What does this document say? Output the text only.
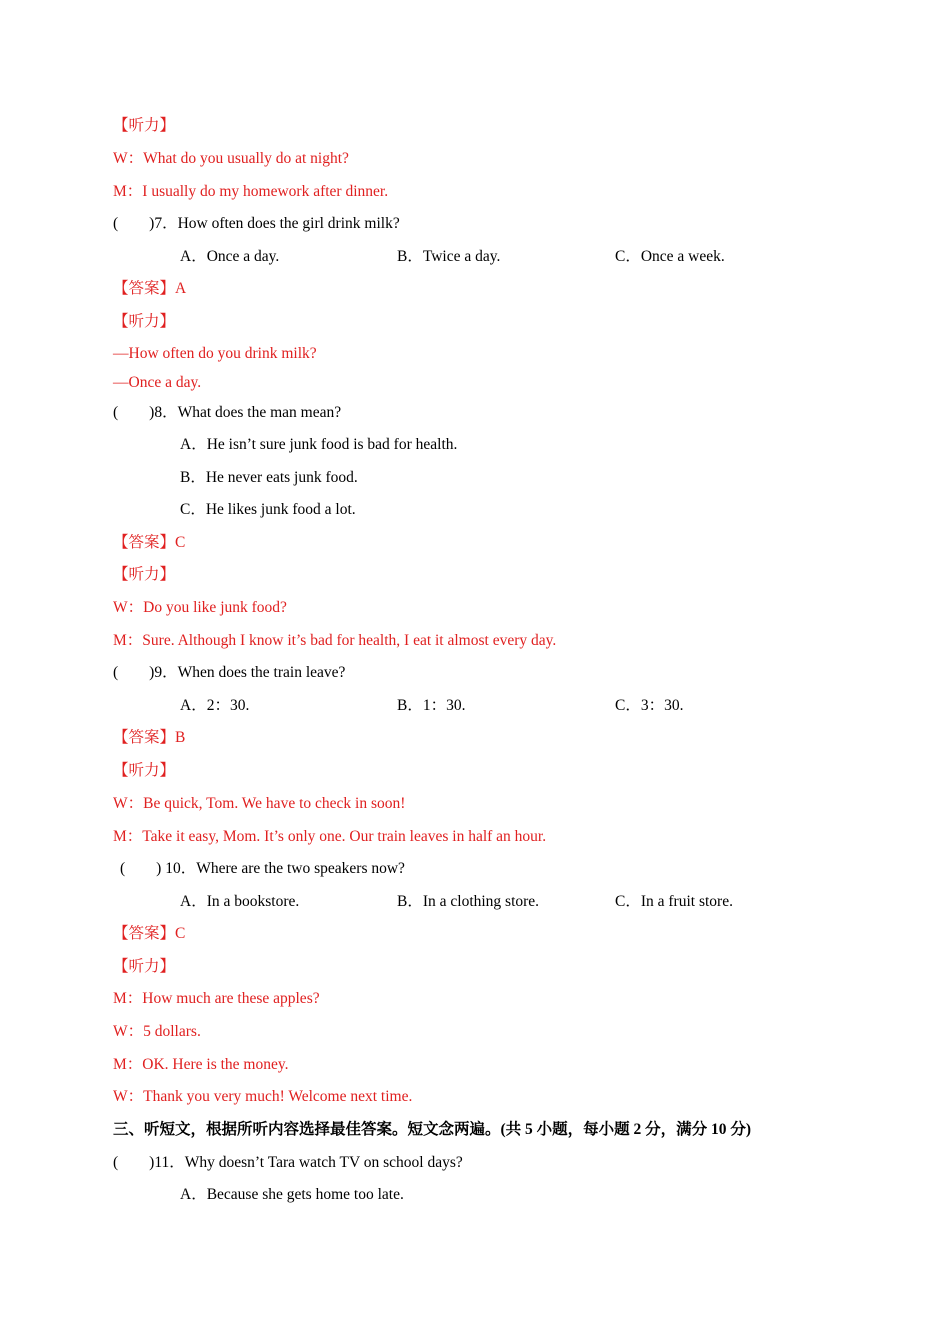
【听力】
W：What do you usually do at night?
M：I usually do my homework after dinner.
(　　)7．How often does the girl drink milk?
A．Once a day.	B．Twice a day.	C．Once a week.
【答案】A
【听力】
—How often do you drink milk?
—Once a day.
(　　)8．What does the man mean?
A．He isn’t sure junk food is bad for health.
B．He never eats junk food.
C．He likes junk food a lot.
【答案】C
【听力】
W：Do you like junk food?
M：Sure. Although I know it’s bad for health, I eat it almost every day.
(　　)9．When does the train leave?
A．2：30.	B．1：30.	C．3：30.
【答案】B
【听力】
W：Be quick, Tom. We have to check in soon!
M：Take it easy, Mom. It’s only one. Our train leaves in half an hour.
(　　) 10．Where are the two speakers now?
A．In a bookstore.	B．In a clothing store.	C．In a fruit store.
【答案】C
【听力】
M：How much are these apples?
W：5 dollars.
M：OK. Here is the money.
W：Thank you very much! Welcome next time.
三、听短文，根据所听内容选择最佳答案。短文念两遍。(共 5 小题，每小题 2 分，满分 10 分)
(　　)11．Why doesn’t Tara watch TV on school days?
A．Because she gets home too late.
